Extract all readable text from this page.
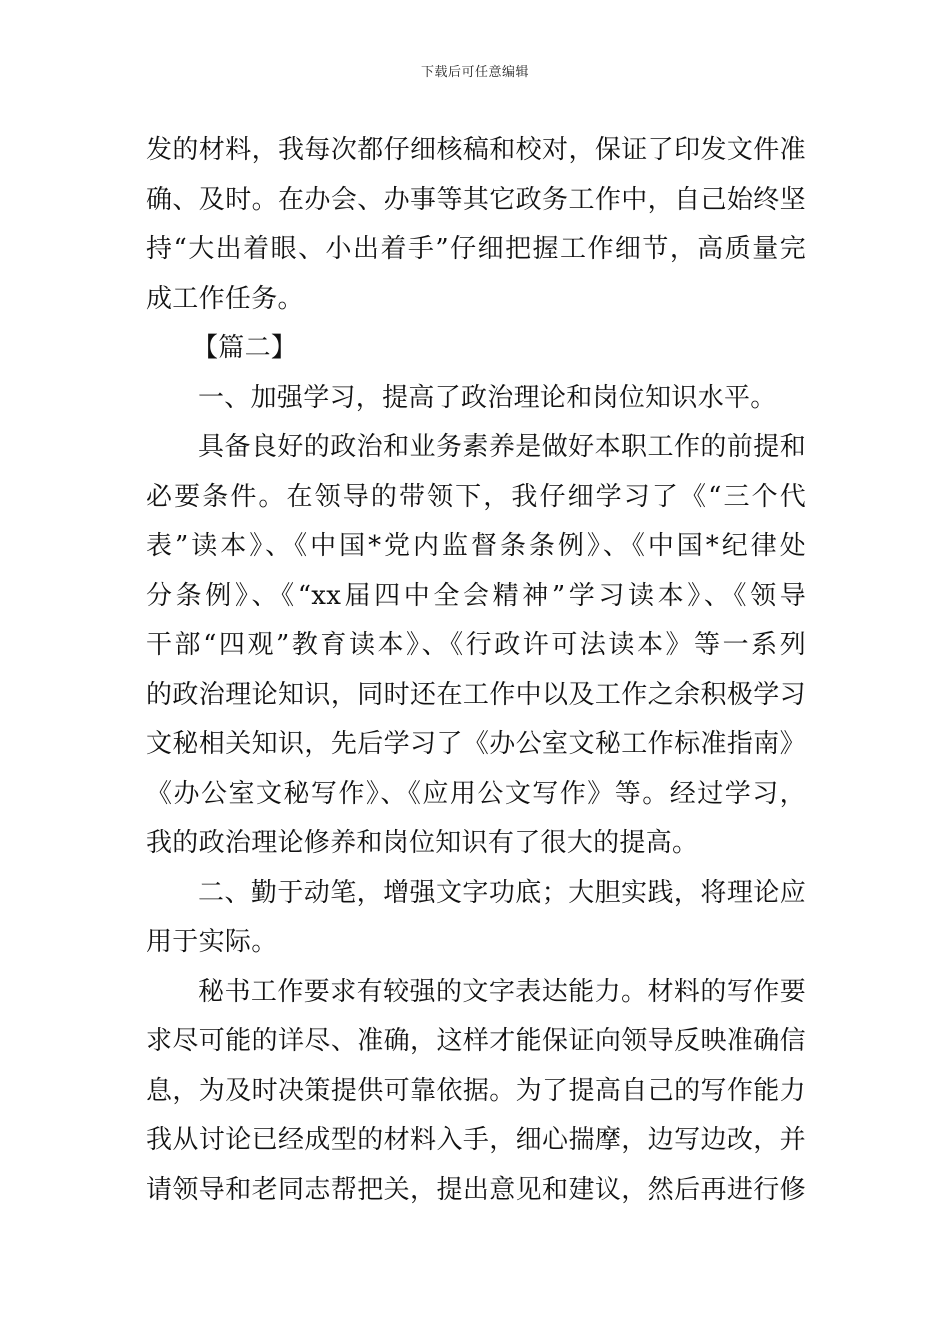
下载后可任意编辑
发的材料，我每次都仔细核稿和校对，保证了印发文件准
确、及时。在办会、办事等其它政务工作中，自己始终坚
持“大出着眼、小出着手”仔细把握工作细节，高质量完
成工作任务。
【篇二】
一、加强学习，提高了政治理论和岗位知识水平。
具备良好的政治和业务素养是做好本职工作的前提和
必要条件。在领导的带领下，我仔细学习了《“三个代
表”读本》、《中国*党内监督条条例》、《中国*纪律处
分条例》、《“xx届四中全会精神”学习读本》、《领导
干部“四观”教育读本》、《行政许可法读本》等一系列
的政治理论知识，同时还在工作中以及工作之余积极学习
文秘相关知识，先后学习了《办公室文秘工作标准指南》
《办公室文秘写作》、《应用公文写作》等。经过学习，
我的政治理论修养和岗位知识有了很大的提高。
二、勤于动笔，增强文字功底；大胆实践，将理论应
用于实际。
秘书工作要求有较强的文字表达能力。材料的写作要
求尽可能的详尽、准确，这样才能保证向领导反映准确信
息，为及时决策提供可靠依据。为了提高自己的写作能力
我从讨论已经成型的材料入手，细心揣摩，边写边改，并
请领导和老同志帮把关，提出意见和建议，然后再进行修
